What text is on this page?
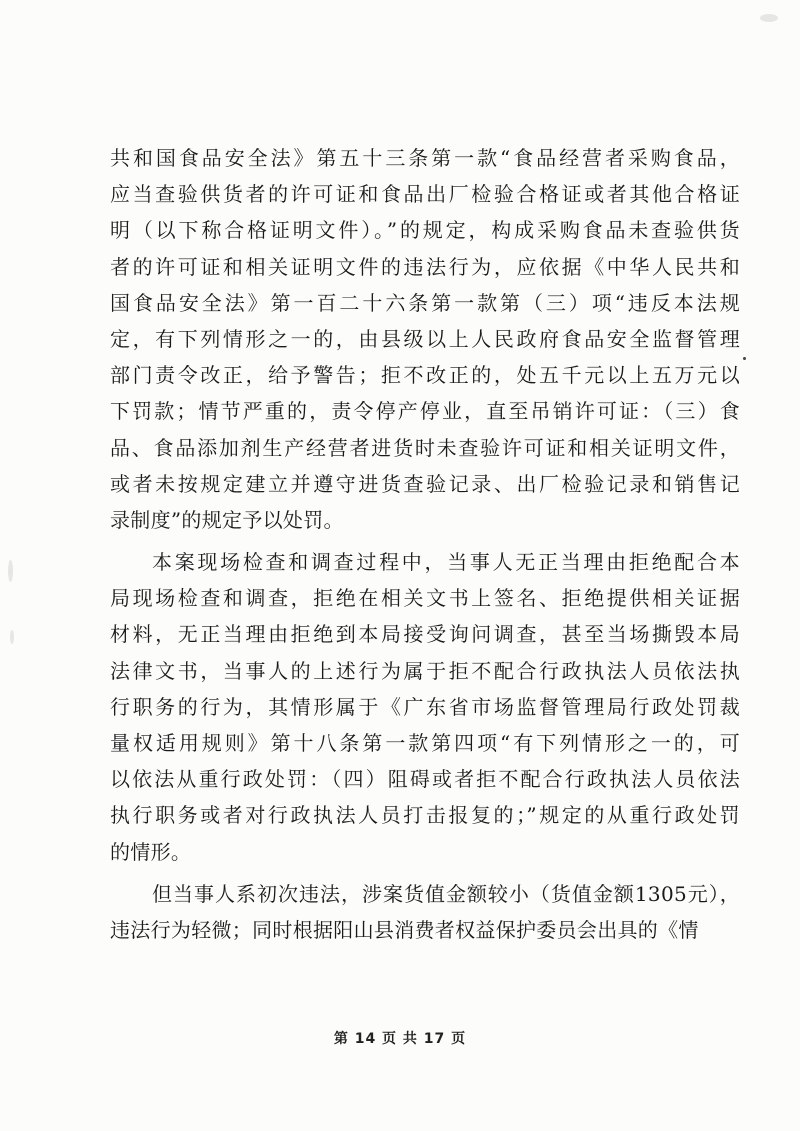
共和国食品安全法》第五十三条第一款“食品经营者采购食品，
应当查验供货者的许可证和食品出厂检验合格证或者其他合格证
明（以下称合格证明文件）。”的规定，构成采购食品未查验供货
者的许可证和相关证明文件的违法行为，应依据《中华人民共和
国食品安全法》第一百二十六条第一款第（三）项“违反本法规
定，有下列情形之一的，由县级以上人民政府食品安全监督管理
部门责令改正，给予警告；拒不改正的，处五千元以上五万元以
下罚款；情节严重的，责令停产停业，直至吊销许可证：（三）食
品、食品添加剂生产经营者进货时未查验许可证和相关证明文件，
或者未按规定建立并遵守进货查验记录、出厂检验记录和销售记
录制度”的规定予以处罚。
本案现场检查和调查过程中，当事人无正当理由拒绝配合本
局现场检查和调查，拒绝在相关文书上签名、拒绝提供相关证据
材料，无正当理由拒绝到本局接受询问调查，甚至当场撕毁本局
法律文书，当事人的上述行为属于拒不配合行政执法人员依法执
行职务的行为，其情形属于《广东省市场监督管理局行政处罚裁
量权适用规则》第十八条第一款第四项“有下列情形之一的，可
以依法从重行政处罚：（四）阻碍或者拒不配合行政执法人员依法
执行职务或者对行政执法人员打击报复的；”规定的从重行政处罚
的情形。
但当事人系初次违法，涉案货值金额较小（货值金额1305元），
违法行为轻微；同时根据阳山县消费者权益保护委员会出具的《情
第 14 页 共 17 页
